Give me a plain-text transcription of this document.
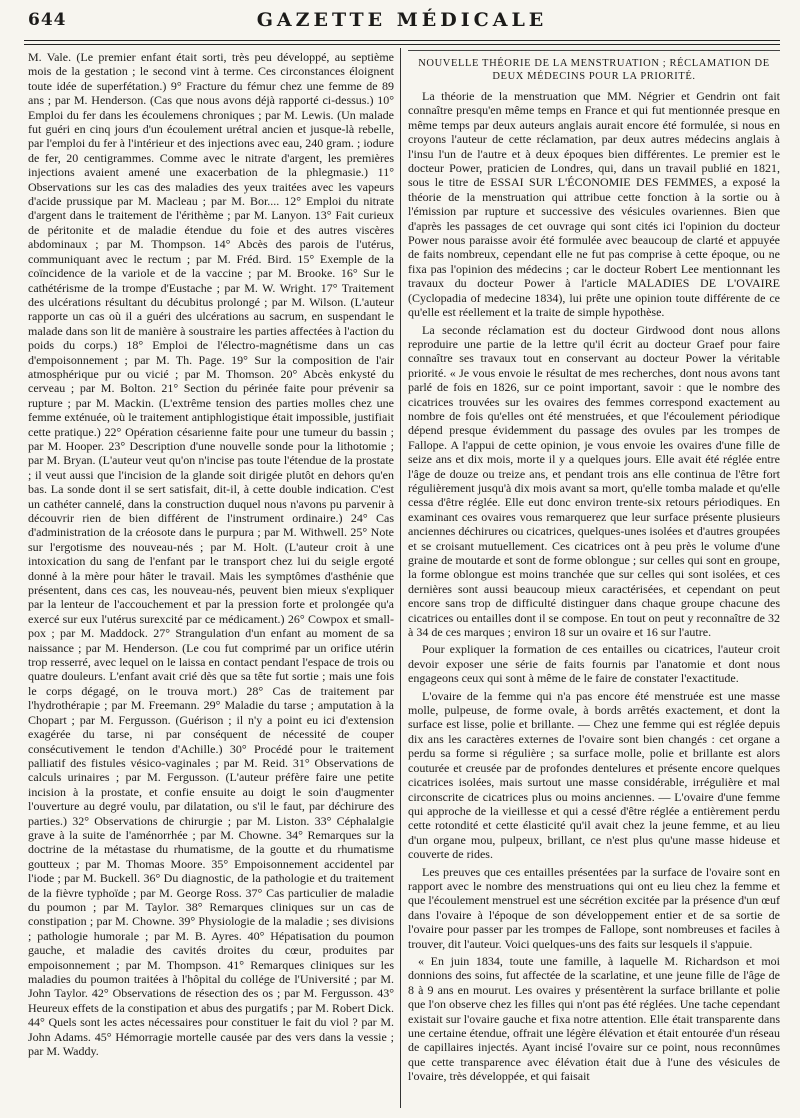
644	GAZETTE MÉDICALE

M. Vale. (Le premier enfant était sorti, très peu développé, au septième mois de la gestation ; le second vint à terme. Ces circonstances éloignent toute idée de superfétation.) 9° Fracture du fémur chez une femme de 89 ans ; par M. Henderson. (Cas que nous avons déjà rapporté ci-dessus.) 10° Emploi du fer dans les écoulemens chroniques ; par M. Lewis. (Un malade fut guéri en cinq jours d'un écoulement urétral ancien et jusque-là rebelle, par l'emploi du fer à l'intérieur et des injections avec eau, 240 gram. ; iodure de fer, 20 centigrammes. Comme avec le nitrate d'argent, les premières injections avaient amené une exacerbation de la phlegmasie.) 11° Observations sur les cas des maladies des yeux traitées avec les vapeurs d'acide prussique par M. Macleau ; par M. Bor.... 12° Emploi du nitrate d'argent dans le traitement de l'érithème ; par M. Lanyon. 13° Fait curieux de péritonite et de maladie étendue du foie et des autres viscères abdominaux ; par M. Thompson. 14° Abcès des parois de l'utérus, communiquant avec le rectum ; par M. Fréd. Bird. 15° Exemple de la coïncidence de la variole et de la vaccine ; par M. Brooke. 16° Sur le cathétérisme de la trompe d'Eustache ; par M. W. Wright. 17° Traitement des ulcérations résultant du décubitus prolongé ; par M. Wilson. (L'auteur rapporte un cas où il a guéri des ulcérations au sacrum, en suspendant le malade dans son lit de manière à soustraire les parties affectées à l'action du poids du corps.) 18° Emploi de l'électro-magnétisme dans un cas d'empoisonnement ; par M. Th. Page. 19° Sur la composition de l'air atmosphérique pur ou vicié ; par M. Thomson. 20° Abcès enkysté du cerveau ; par M. Bolton. 21° Section du périnée faite pour prévenir sa rupture ; par M. Mackin. (L'extrême tension des parties molles chez une femme exténuée, où le traitement antiphlogistique était impossible, justifiait cette pratique.) 22° Opération césarienne faite pour une tumeur du bassin ; par M. Hooper. 23° Description d'une nouvelle sonde pour la lithotomie ; par M. Bryan. (L'auteur veut qu'on n'incise pas toute l'étendue de la prostate ; il veut aussi que l'incision de la glande soit dirigée plutôt en dehors qu'en bas. La sonde dont il se sert satisfait, dit-il, à cette double indication. C'est un cathéter cannelé, dans la construction duquel nous n'avons pu parvenir à découvrir rien de bien différent de l'instrument ordinaire.) 24° Cas d'administration de la créosote dans le purpura ; par M. Withwell. 25° Note sur l'ergotisme des nouveau-nés ; par M. Holt. (L'auteur croit à une intoxication du sang de l'enfant par le transport chez lui du seigle ergoté donné à la mère pour hâter le travail. Mais les symptômes d'asthénie que présentent, dans ces cas, les nouveau-nés, peuvent bien mieux s'expliquer par la lenteur de l'accouchement et par la pression forte et prolongée qu'a exercé sur eux l'utérus surexcité par ce médicament.) 26° Cowpox et small-pox ; par M. Maddock. 27° Strangulation d'un enfant au moment de sa naissance ; par M. Henderson. (Le cou fut comprimé par un orifice utérin trop resserré, avec lequel on le laissa en contact pendant l'espace de trois ou quatre douleurs. L'enfant avait crié dès que sa tête fut sortie ; mais une fois le corps dégagé, on le trouva mort.) 28° Cas de traitement par l'hydrothérapie ; par M. Freemann. 29° Maladie du tarse ; amputation à la Chopart ; par M. Fergusson. (Guérison ; il n'y a point eu ici d'extension exagérée du tarse, ni par conséquent de nécessité de couper consécutivement le tendon d'Achille.) 30° Procédé pour le traitement palliatif des fistules vésico-vaginales ; par M. Reid. 31° Observations de calculs urinaires ; par M. Fergusson. (L'auteur préfère faire une petite incision à la prostate, et confie ensuite au doigt le soin d'augmenter l'ouverture au degré voulu, par dilatation, ou s'il le faut, par déchirure des parties.) 32° Observations de chirurgie ; par M. Liston. 33° Céphalalgie grave à la suite de l'aménorrhée ; par M. Chowne. 34° Remarques sur la doctrine de la métastase du rhumatisme, de la goutte et du rhumatisme goutteux ; par M. Thomas Moore. 35° Empoisonnement accidentel par l'iode ; par M. Buckell. 36° Du diagnostic, de la pathologie et du traitement de la fièvre typhoïde ; par M. George Ross. 37° Cas particulier de maladie du poumon ; par M. Taylor. 38° Remarques cliniques sur un cas de constipation ; par M. Chowne. 39° Physiologie de la maladie ; ses divisions ; pathologie humorale ; par M. B. Ayres. 40° Hépatisation du poumon gauche, et maladie des cavités droites du cœur, produites par empoisonnement ; par M. Thompson. 41° Remarques cliniques sur les maladies du poumon traitées à l'hôpital du collége de l'Université ; par M. John Taylor. 42° Observations de résection des os ; par M. Fergusson. 43° Heureux effets de la constipation et abus des purgatifs ; par M. Robert Dick. 44° Quels sont les actes nécessaires pour constituer le fait du viol ? par M. John Adams. 45° Hémorragie mortelle causée par des vers dans la vessie ; par M. Waddy.

NOUVELLE THÉORIE DE LA MENSTRUATION ; RÉCLAMATION DE DEUX MÉDECINS POUR LA PRIORITÉ.

La théorie de la menstruation que MM. Négrier et Gendrin ont fait connaître presqu'en même temps en France et qui fut mentionnée presque en même temps par deux auteurs anglais aurait encore été formulée, si nous en croyons l'auteur de cette réclamation, par deux autres médecins anglais à l'insu l'un de l'autre et à deux époques bien différentes. Le premier est le docteur Power, praticien de Londres, qui, dans un travail publié en 1821, sous le titre de ESSAI SUR L'ÉCONOMIE DES FEMMES, a exposé la théorie de la menstruation qui attribue cette fonction à la sortie ou à l'émission par rupture et successive des vésicules ovariennes. Bien que d'après les passages de cet ouvrage qui sont cités ici l'opinion du docteur Power nous paraisse avoir été formulée avec beaucoup de clarté et appuyée de faits nombreux, cependant elle ne fut pas comprise à cette époque, ou ne fixa pas l'opinion des médecins ; car le docteur Robert Lee mentionnant les travaux du docteur Power à l'article MALADIES DE L'OVAIRE (Cyclopadia of medecine 1834), lui prête une opinion toute différente de ce qu'elle est réellement et la traite de simple hypothèse.

La seconde réclamation est du docteur Girdwood dont nous allons reproduire une partie de la lettre qu'il écrit au docteur Graef pour faire connaître ses travaux tout en conservant au docteur Power la véritable priorité. « Je vous envoie le résultat de mes recherches, dont nous avons tant parlé de fois en 1826, sur ce point important, savoir : que le nombre des cicatrices trouvées sur les ovaires des femmes correspond exactement au nombre de fois qu'elles ont été menstruées, et que l'écoulement périodique dépend presque évidemment du passage des ovules par les trompes de Fallope. A l'appui de cette opinion, je vous envoie les ovaires d'une fille de seize ans et dix mois, morte il y a quelques jours. Elle avait été réglée entre l'âge de douze ou treize ans, et pendant trois ans elle continua de l'être fort régulièrement jusqu'à dix mois avant sa mort, qu'elle tomba malade et qu'elle cessa d'être réglée. Elle eut donc environ trente-six retours périodiques. En examinant ces ovaires vous remarquerez que leur surface présente plusieurs anciennes déchirures ou cicatrices, quelques-unes isolées et d'autres groupées et se croisant mutuellement. Ces cicatrices ont à peu près le volume d'une graine de moutarde et sont de forme oblongue ; sur celles qui sont en groupe, la forme oblongue est moins tranchée que sur celles qui sont isolées, et ces dernières sont aussi beaucoup mieux caractérisées, et cependant on peut encore sans trop de difficulté distinguer dans chaque groupe chacune des cicatrices ou entailles dont il se compose. En tout on peut y reconnaître de 32 à 34 de ces marques ; environ 18 sur un ovaire et 16 sur l'autre.

Pour expliquer la formation de ces entailles ou cicatrices, l'auteur croit devoir exposer une série de faits fournis par l'anatomie et dont nous engageons ceux qui sont à même de le faire de constater l'exactitude.

L'ovaire de la femme qui n'a pas encore été menstruée est une masse molle, pulpeuse, de forme ovale, à bords arrêtés exactement, et dont la surface est lisse, polie et brillante. — Chez une femme qui est réglée depuis dix ans les caractères externes de l'ovaire sont bien changés : cet organe a perdu sa forme si régulière ; sa surface molle, polie et brillante est alors couturée et creusée par de profondes dentelures et présente encore quelques cicatrices isolées, mais surtout une masse considérable, irrégulière et mal circonscrite de cicatrices plus ou moins anciennes. — L'ovaire d'une femme qui approche de la vieillesse et qui a cessé d'être réglée a entièrement perdu cette rotondité et cette élasticité qu'il avait chez la jeune femme, et au lieu d'un organe mou, pulpeux, brillant, ce n'est plus qu'une masse hideuse et couverte de rides.

Les preuves que ces entailles présentées par la surface de l'ovaire sont en rapport avec le nombre des menstruations qui ont eu lieu chez la femme et que l'écoulement menstruel est une sécrétion excitée par la présence d'un œuf dans l'ovaire à l'époque de son développement entier et de sa sortie de l'ovaire pour passer par les trompes de Fallope, sont nombreuses et faciles à trouver, dit l'auteur. Voici quelques-uns des faits sur lesquels il s'appuie.

« En juin 1834, toute une famille, à laquelle M. Richardson et moi donnions des soins, fut affectée de la scarlatine, et une jeune fille de l'âge de 8 à 9 ans en mourut. Les ovaires y présentèrent la surface brillante et polie que l'on observe chez les filles qui n'ont pas été réglées. Une tache cependant existait sur l'ovaire gauche et fixa notre attention. Elle était transparente dans une certaine étendue, offrait une légère élévation et était entourée d'un réseau de capillaires injectés. Ayant incisé l'ovaire sur ce point, nous reconnûmes que cette transparence avec élévation était due à l'une des vésicules de l'ovaire, très développée, et qui faisait
